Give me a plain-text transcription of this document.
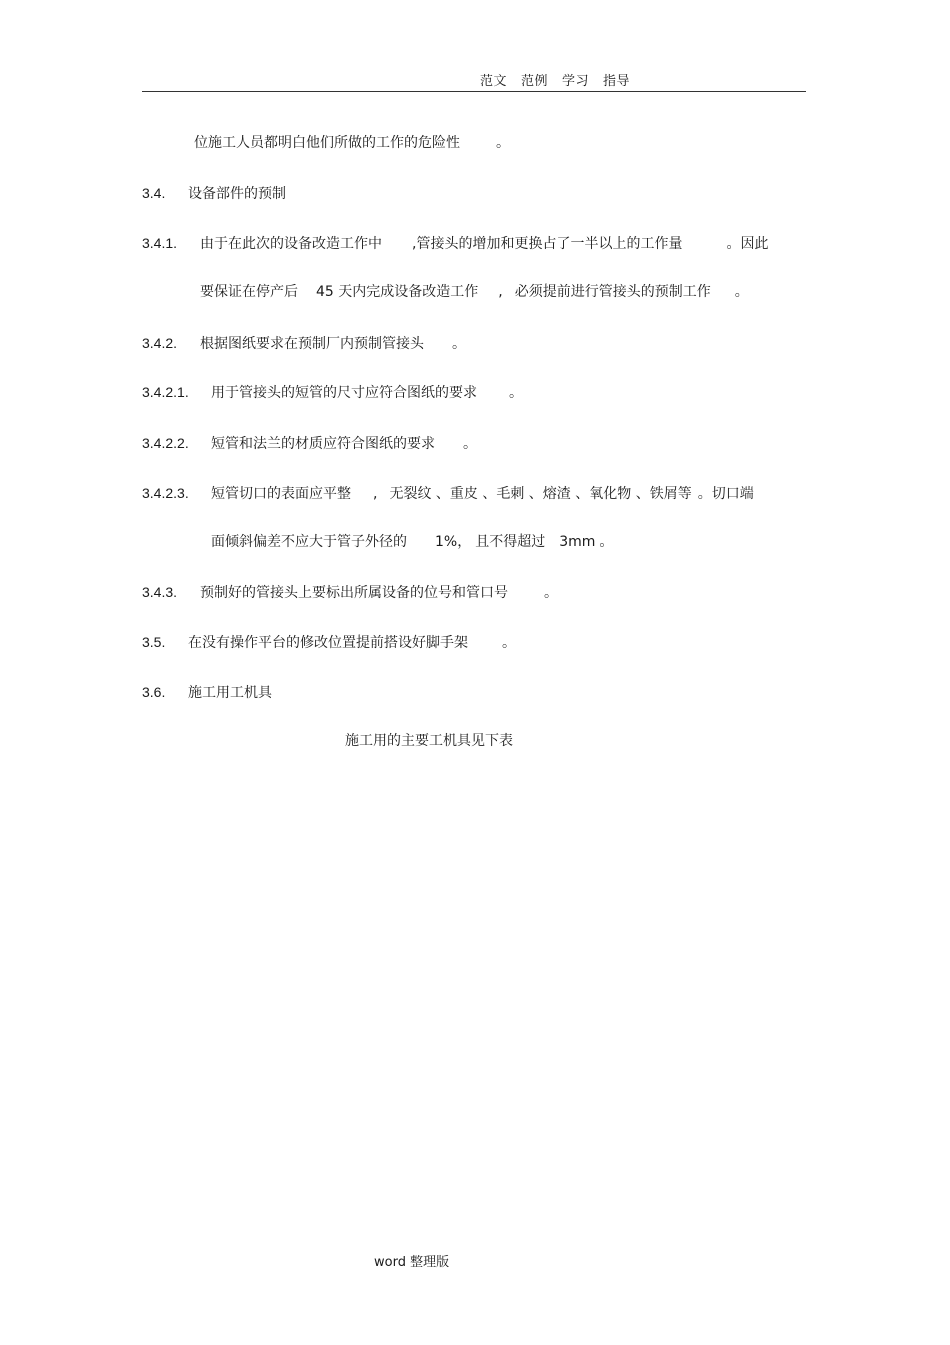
范文 范例 学习 指导
位施工人员都明白他们所做的工作的危险性	。
3.4. 设备部件的预制
3.4.1. 由于在此次的设备改造工作中 ,管接头的增加和更换占了一半以上的工作量	。因此
要保证在停产后 45 天内完成设备改造工作 , 必须提前进行管接头的预制工作 。
3.4.2. 根据图纸要求在预制厂内预制管接头 。
3.4.2.1. 用于管接头的短管的尺寸应符合图纸的要求 。
3.4.2.2. 短管和法兰的材质应符合图纸的要求 。
3.4.2.3. 短管切口的表面应平整 , 无裂纹 、重皮 、毛刺 、熔渣 、氧化物 、铁屑等 。切口端
面倾斜偏差不应大于管子外径的 1%， 且不得超过 3mm 。
3.4.3. 预制好的管接头上要标出所属设备的位号和管口号	。
3.5. 在没有操作平台的修改位置提前搭设好脚手架 。
3.6. 施工用工机具
施工用的主要工机具见下表
word 整理版
